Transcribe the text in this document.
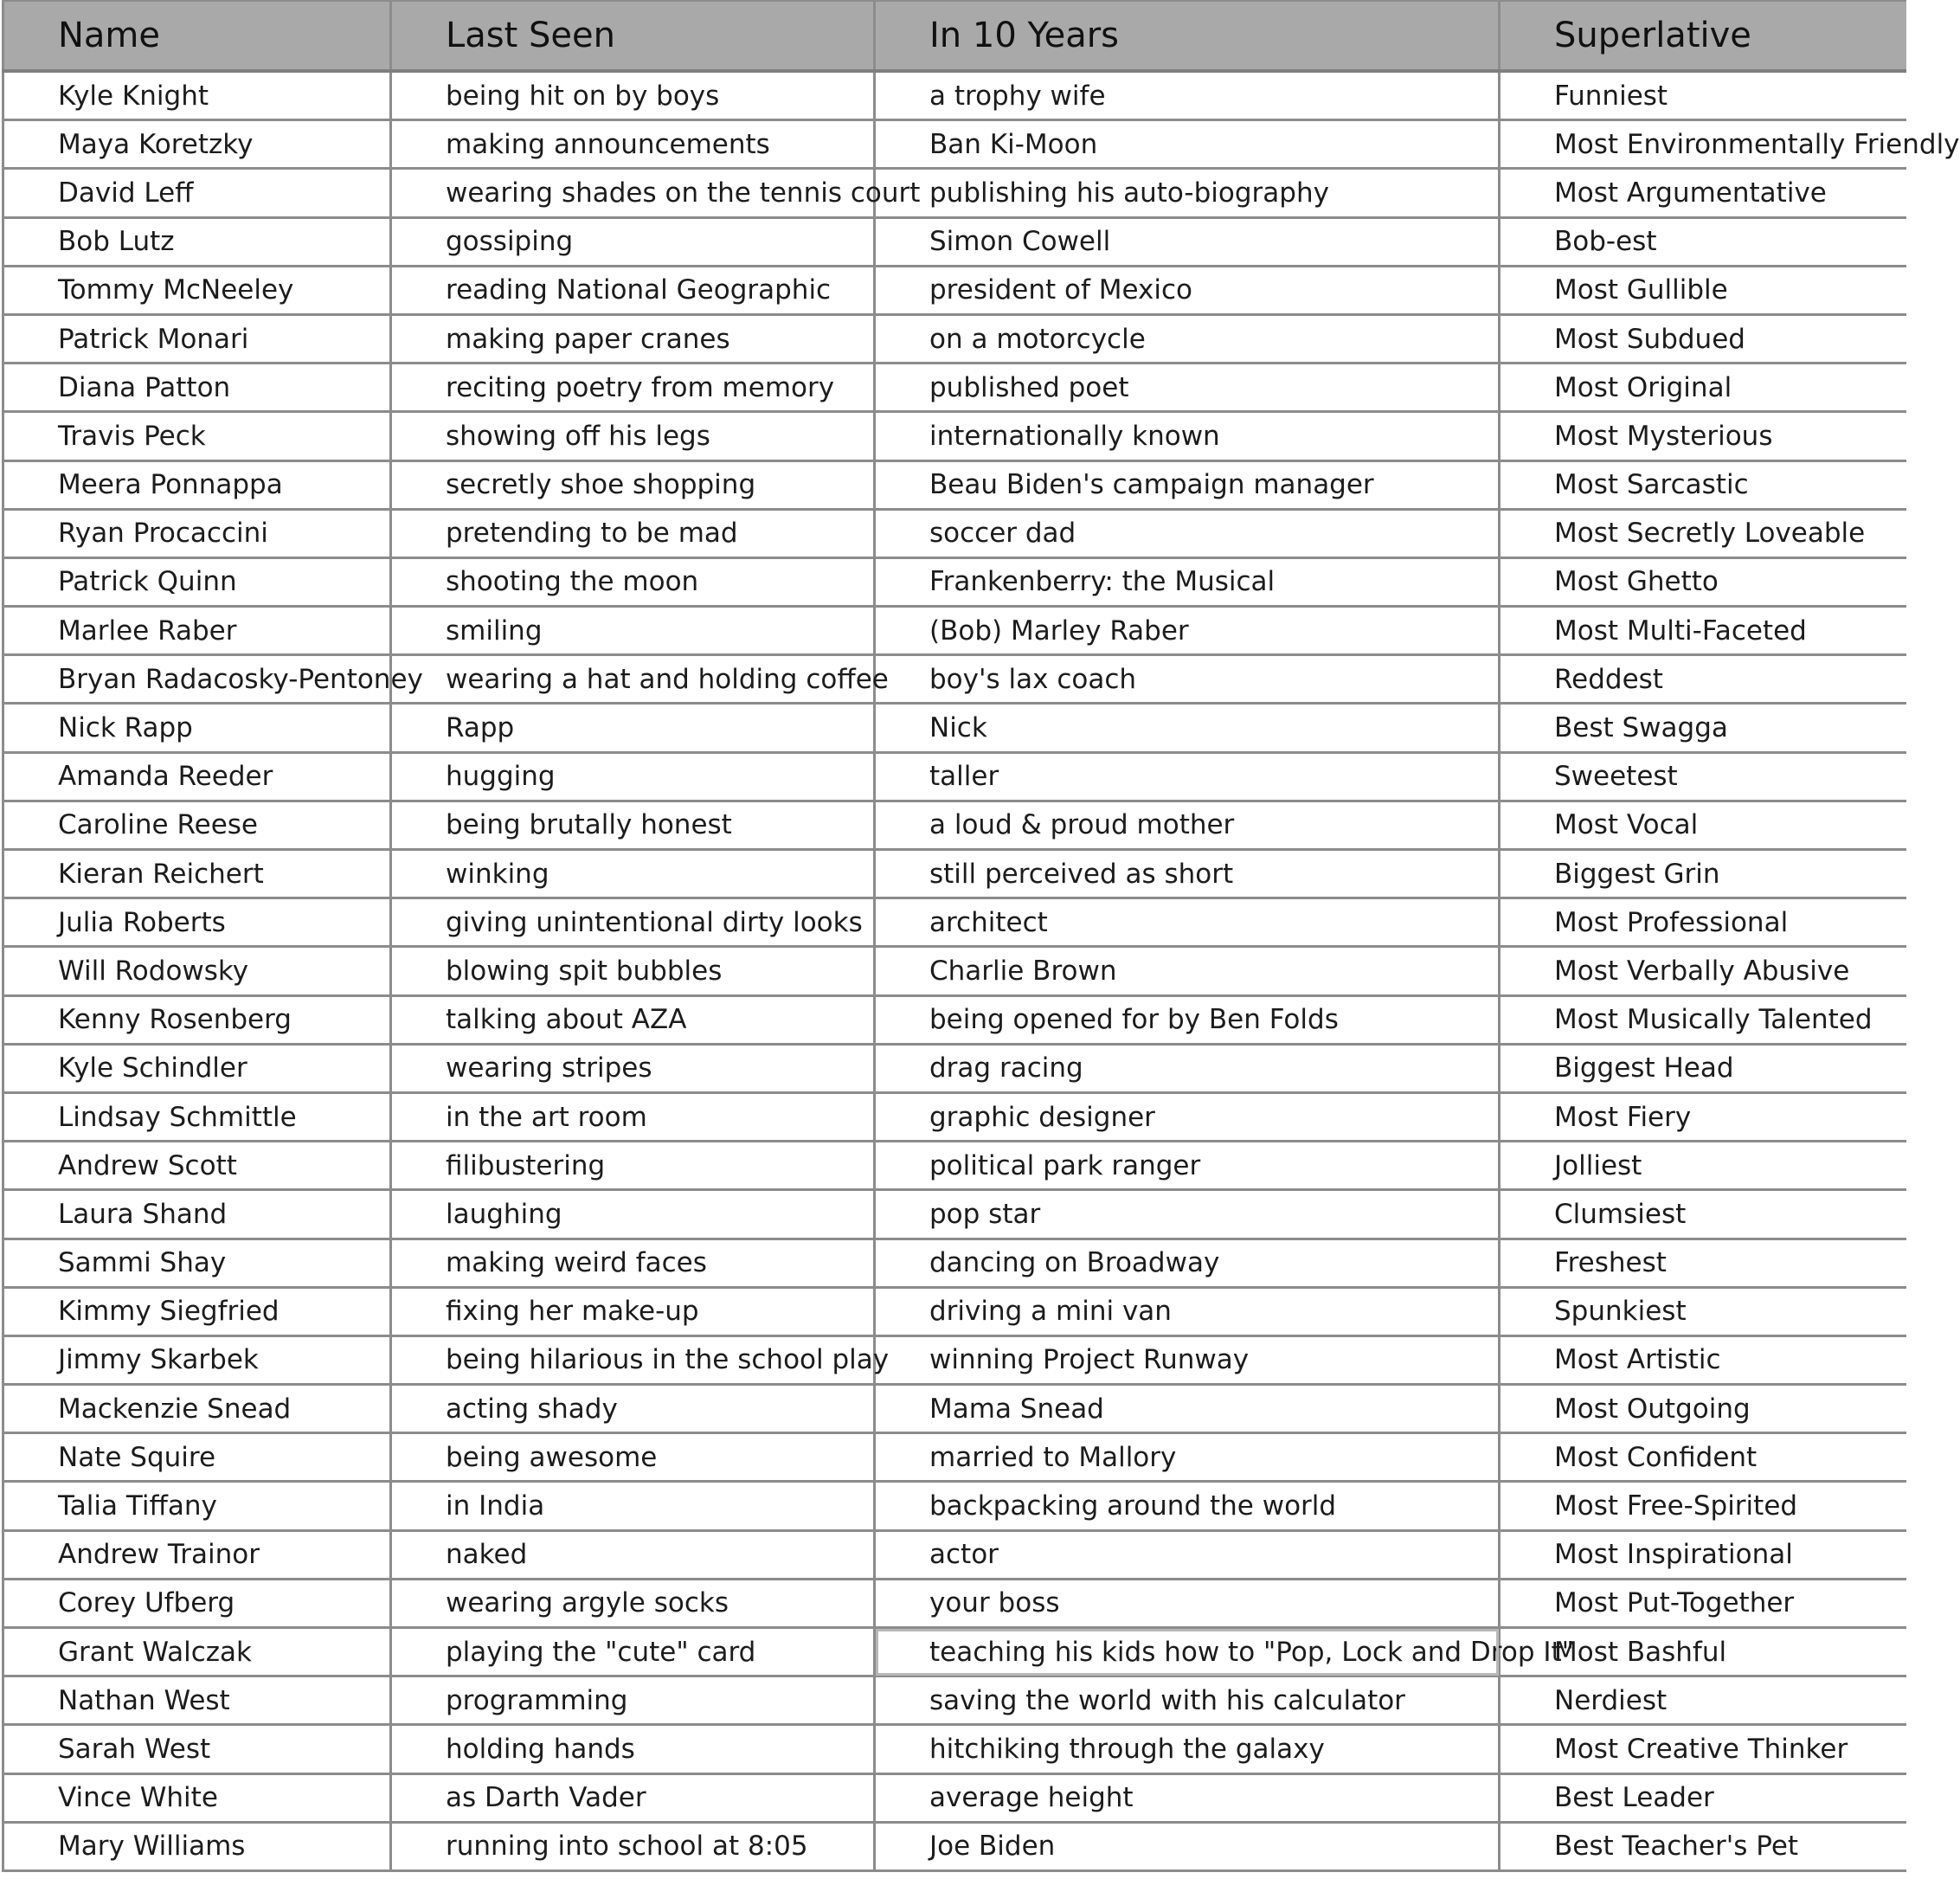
Name	Last Seen	In 10 Years	Superlative
Kyle Knight	being hit on by boys	a trophy wife	Funniest
Maya Koretzky	making announcements	Ban Ki-Moon	Most Environmentally Friendly
David Leff	wearing shades on the tennis court	publishing his auto-biography	Most Argumentative
Bob Lutz	gossiping	Simon Cowell	Bob-est
Tommy McNeeley	reading National Geographic	president of Mexico	Most Gullible
Patrick Monari	making paper cranes	on a motorcycle	Most Subdued
Diana Patton	reciting poetry from memory	published poet	Most Original
Travis Peck	showing off his legs	internationally known	Most Mysterious
Meera Ponnappa	secretly shoe shopping	Beau Biden's campaign manager	Most Sarcastic
Ryan Procaccini	pretending to be mad	soccer dad	Most Secretly Loveable
Patrick Quinn	shooting the moon	Frankenberry: the Musical	Most Ghetto
Marlee Raber	smiling	(Bob) Marley Raber	Most Multi-Faceted
Bryan Radacosky-Pentoney	wearing a hat and holding coffee	boy's lax coach	Reddest
Nick Rapp	Rapp	Nick	Best Swagga
Amanda Reeder	hugging	taller	Sweetest
Caroline Reese	being brutally honest	a loud & proud mother	Most Vocal
Kieran Reichert	winking	still perceived as short	Biggest Grin
Julia Roberts	giving unintentional dirty looks	architect	Most Professional
Will Rodowsky	blowing spit bubbles	Charlie Brown	Most Verbally Abusive
Kenny Rosenberg	talking about AZA	being opened for by Ben Folds	Most Musically Talented
Kyle Schindler	wearing stripes	drag racing	Biggest Head
Lindsay Schmittle	in the art room	graphic designer	Most Fiery
Andrew Scott	filibustering	political park ranger	Jolliest
Laura Shand	laughing	pop star	Clumsiest
Sammi Shay	making weird faces	dancing on Broadway	Freshest
Kimmy Siegfried	fixing her make-up	driving a mini van	Spunkiest
Jimmy Skarbek	being hilarious in the school play	winning Project Runway	Most Artistic
Mackenzie Snead	acting shady	Mama Snead	Most Outgoing
Nate Squire	being awesome	married to Mallory	Most Confident
Talia Tiffany	in India	backpacking around the world	Most Free-Spirited
Andrew Trainor	naked	actor	Most Inspirational
Corey Ufberg	wearing argyle socks	your boss	Most Put-Together
Grant Walczak	playing the "cute" card	teaching his kids how to "Pop, Lock and Drop It"	Most Bashful
Nathan West	programming	saving the world with his calculator	Nerdiest
Sarah West	holding hands	hitchiking through the galaxy	Most Creative Thinker
Vince White	as Darth Vader	average height	Best Leader
Mary Williams	running into school at 8:05	Joe Biden	Best Teacher's Pet
